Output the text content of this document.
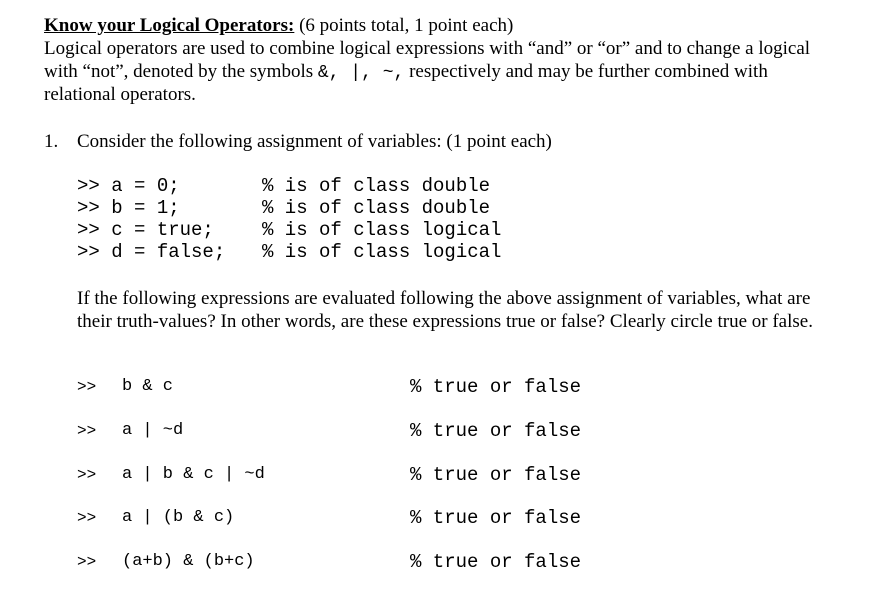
Know your Logical Operators: (6 points total, 1 point each)
Logical operators are used to combine logical expressions with “and” or “or” and to change a logical
with “not”, denoted by the symbols &, |, ~, respectively and may be further combined with
relational operators.
1. Consider the following assignment of variables: (1 point each)
>> a = 0;	% is of class double
>> b = 1;	% is of class double
>> c = true;	% is of class logical
>> d = false; % is of class logical
If the following expressions are evaluated following the above assignment of variables, what are
their truth-values? In other words, are these expressions true or false? Clearly circle true or false.
>> b & c	% true or false
>> a | ~d	% true or false
>> a | b & c | ~d	% true or false
>> a | (b & c)	% true or false
>> (a+b) & (b+c)	% true or false
